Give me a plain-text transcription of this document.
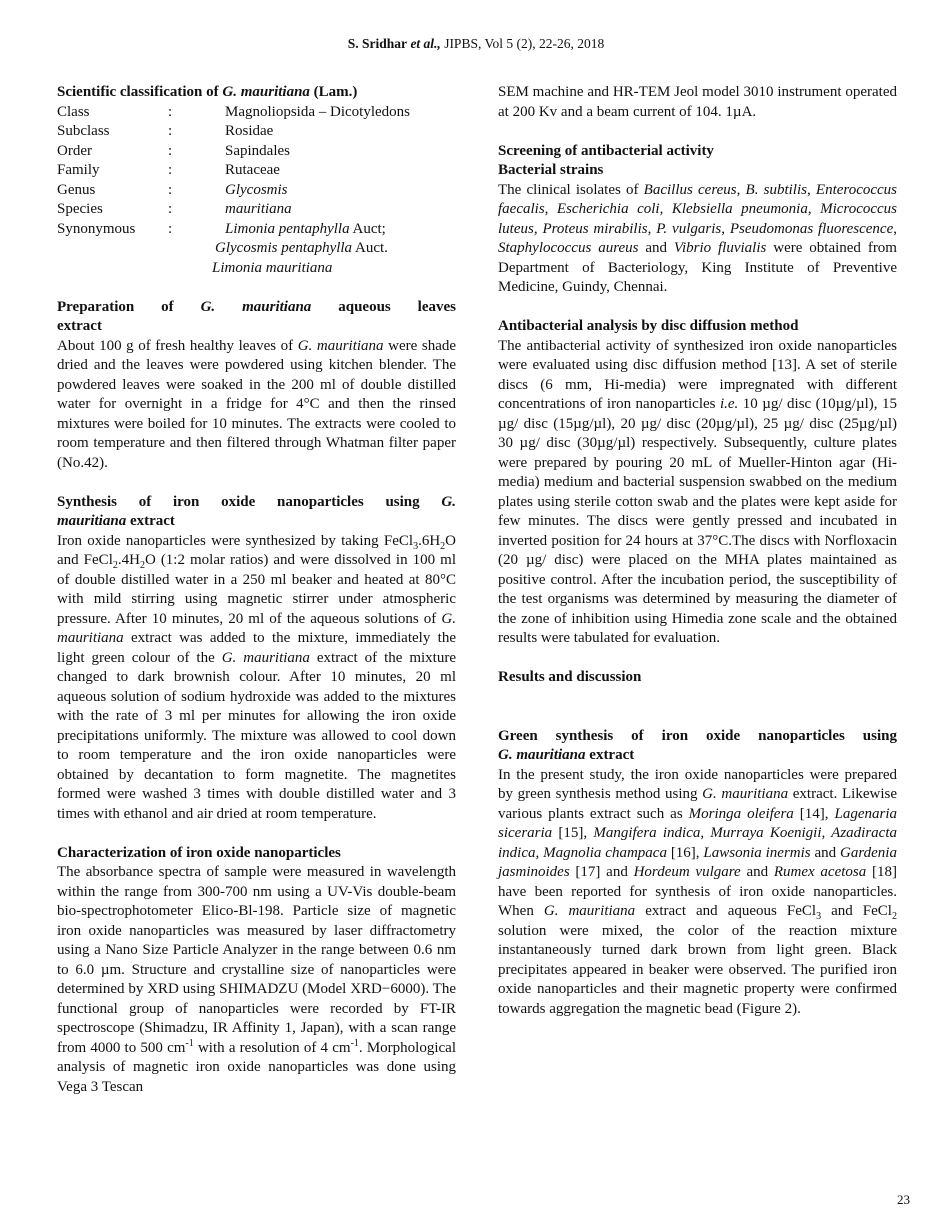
S. Sridhar et al., JIPBS, Vol 5 (2), 22-26, 2018
Scientific classification of G. mauritiana (Lam.)
Class	:	Magnoliopsida – Dicotyledons
Subclass	:	Rosidae
Order	:	Sapindales
Family	:	Rutaceae
Genus	:	Glycosmis
Species	:	mauritiana
Synonymous	:	Limonia pentaphylla Auct;
Glycosmis pentaphylla Auct.
Limonia mauritiana
Preparation of G. mauritiana aqueous leaves
extract

About 100 g of fresh healthy leaves of G. mauritiana were shade dried and the leaves were powdered using kitchen blender. The powdered leaves were soaked in the 200 ml of double distilled water for overnight in a fridge for 4°C and then the rinsed mixtures were boiled for 10 minutes. The extracts were cooled to room temperature and then filtered through Whatman filter paper (No.42).

Synthesis of iron oxide nanoparticles using G.
mauritiana extract

Iron oxide nanoparticles were synthesized by taking $FeCl_3.6H_2O$ and $FeCl_2.4H_2O$ (1:2 molar ratios) and were dissolved in 100 ml of double distilled water in a 250 ml beaker and heated at 80°C with mild stirring using magnetic stirrer under atmospheric pressure. After 10 minutes, 20 ml of the aqueous solutions of G. mauritiana extract was added to the mixture, immediately the light green colour of the G. mauritiana extract of the mixture changed to dark brownish colour. After 10 minutes, 20 ml aqueous solution of sodium hydroxide was added to the mixtures with the rate of 3 ml per minutes for allowing the iron oxide precipitations uniformly. The mixture was allowed to cool down to room temperature and the iron oxide nanoparticles were obtained by decantation to form magnetite. The magnetites formed were washed 3 times with double distilled water and 3 times with ethanol and air dried at room temperature.

Characterization of iron oxide nanoparticles

The absorbance spectra of sample were measured in wavelength within the range from 300-700 nm using a UV-Vis double-beam bio-spectrophotometer Elico-Bl-198. Particle size of magnetic iron oxide nanoparticles was measured by laser diffractometry using a Nano Size Particle Analyzer in the range between 0.6 nm to 6.0 µm. Structure and crystalline size of nanoparticles were determined by XRD using SHIMADZU (Model XRD−6000). The functional group of nanoparticles were recorded by FT-IR spectroscope (Shimadzu, IR Affinity 1, Japan), with a scan range from 4000 to 500 $cm^{-1}$ with a resolution of 4 $cm^{-1}$. Morphological analysis of magnetic iron oxide nanoparticles was done using Vega 3 Tescan

SEM machine and HR-TEM Jeol model 3010 instrument operated at 200 Kv and a beam current of 104. 1µA.

Screening of antibacterial activity
Bacterial strains

The clinical isolates of Bacillus cereus, B. subtilis, Enterococcus faecalis, Escherichia coli, Klebsiella pneumonia, Micrococcus luteus, Proteus mirabilis, P. vulgaris, Pseudomonas fluorescence, Staphylococcus aureus and Vibrio fluvialis were obtained from Department of Bacteriology, King Institute of Preventive Medicine, Guindy, Chennai.

Antibacterial analysis by disc diffusion method

The antibacterial activity of synthesized iron oxide nanoparticles were evaluated using disc diffusion method [13]. A set of sterile discs (6 mm, Hi-media) were impregnated with different concentrations of iron nanoparticles i.e. 10 µg/ disc (10µg/µl), 15 µg/ disc (15µg/µl), 20 µg/ disc (20µg/µl), 25 µg/ disc (25µg/µl) 30 µg/ disc (30µg/µl) respectively. Subsequently, culture plates were prepared by pouring 20 mL of Mueller-Hinton agar (Hi-media) medium and bacterial suspension swabbed on the medium plates using sterile cotton swab and the plates were kept aside for few minutes. The discs were gently pressed and incubated in inverted position for 24 hours at 37°C.The discs with Norfloxacin (20 µg/ disc) were placed on the MHA plates maintained as positive control. After the incubation period, the susceptibility of the test organisms was determined by measuring the diameter of the zone of inhibition using Himedia zone scale and the obtained results were tabulated for evaluation.

Results and discussion
Green synthesis of iron oxide nanoparticles using
G. mauritiana extract

In the present study, the iron oxide nanoparticles were prepared by green synthesis method using G. mauritiana extract. Likewise various plants extract such as Moringa oleifera [14], Lagenaria siceraria [15], Mangifera indica, Murraya Koenigii, Azadiracta indica, Magnolia champaca [16], Lawsonia inermis and Gardenia jasminoides [17] and Hordeum vulgare and Rumex acetosa [18] have been reported for synthesis of iron oxide nanoparticles. When G. mauritiana extract and aqueous FeCl$_3$ and FeCl$_2$ solution were mixed, the color of the reaction mixture instantaneously turned dark brown from light green. Black precipitates appeared in beaker were observed. The purified iron oxide nanoparticles and their magnetic property were confirmed towards aggregation the magnetic bead (Figure 2).

23
